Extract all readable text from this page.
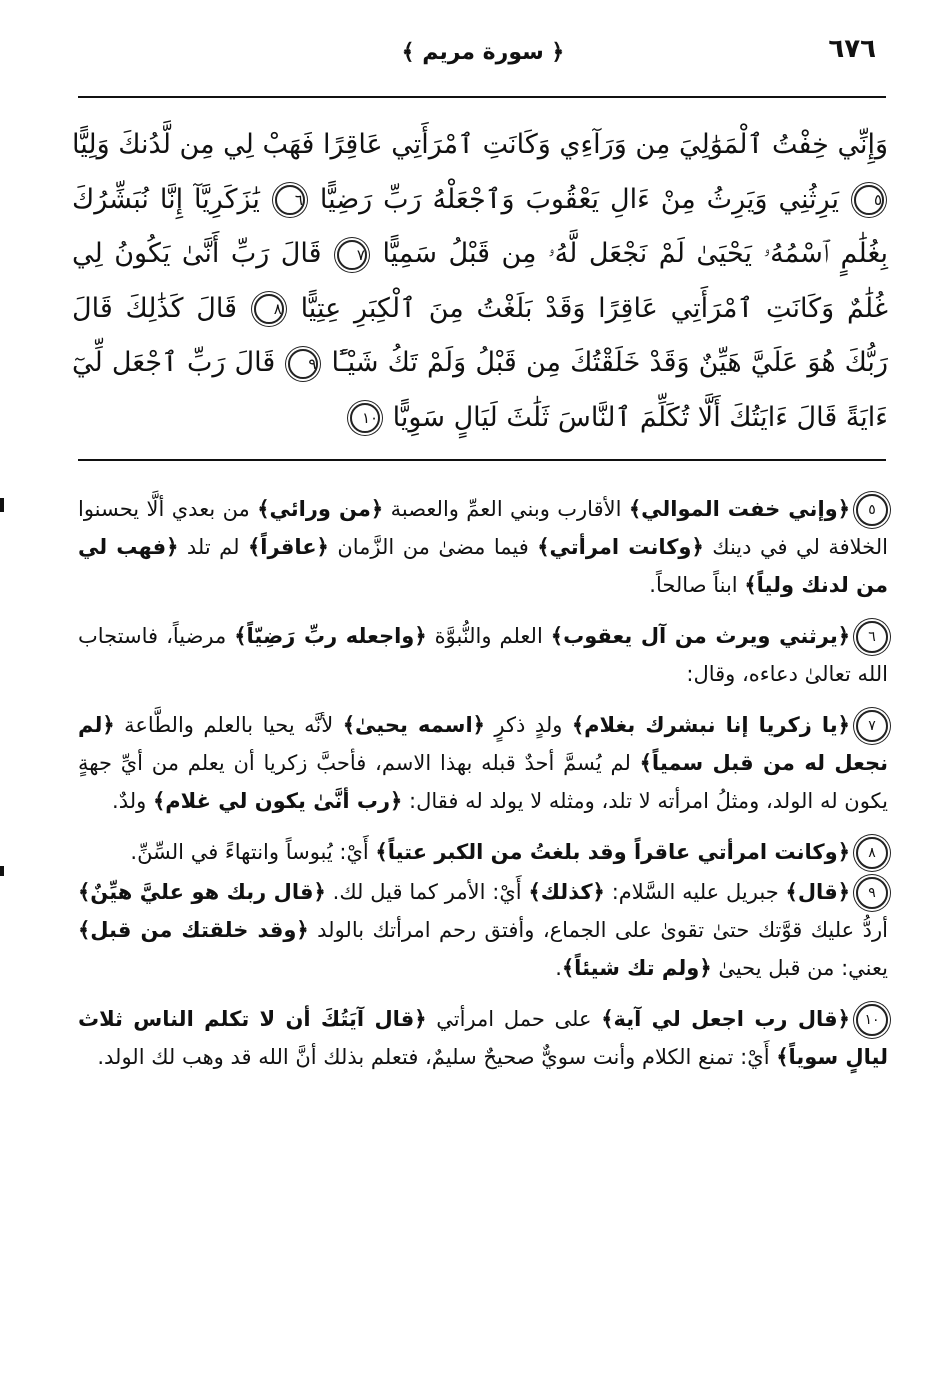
٦٧٦
﴿ سورة مريم ﴾
وَإِنِّي خِفْتُ ٱلْمَوَٰلِيَ مِن وَرَآءِي وَكَانَتِ ٱمْرَأَتِي عَاقِرًا فَهَبْ لِي مِن لَّدُنكَ وَلِيًّا ٥ يَرِثُنِي وَيَرِثُ مِنْ ءَالِ يَعْقُوبَ وَٱجْعَلْهُ رَبِّ رَضِيًّا ٦ يَٰزَكَرِيَّآ إِنَّا نُبَشِّرُكَ بِغُلَٰمٍ ٱسْمُهُۥ يَحْيَىٰ لَمْ نَجْعَل لَّهُۥ مِن قَبْلُ سَمِيًّا ٧ قَالَ رَبِّ أَنَّىٰ يَكُونُ لِي غُلَٰمٌ وَكَانَتِ ٱمْرَأَتِي عَاقِرًا وَقَدْ بَلَغْتُ مِنَ ٱلْكِبَرِ عِتِيًّا ٨ قَالَ كَذَٰلِكَ قَالَ رَبُّكَ هُوَ عَلَيَّ هَيِّنٌ وَقَدْ خَلَقْتُكَ مِن قَبْلُ وَلَمْ تَكُ شَيْـًٔا ٩ قَالَ رَبِّ ٱجْعَل لِّيٓ ءَايَةً قَالَ ءَايَتُكَ أَلَّا تُكَلِّمَ ٱلنَّاسَ ثَلَٰثَ لَيَالٍ سَوِيًّا ١٠

٥﴿وإني خفت الموالي﴾ الأقارب وبني العمِّ والعصبة ﴿من ورائي﴾ من بعدي ألَّا يحسنوا الخلافة لي في دينك ﴿وكانت امرأتي﴾ فيما مضىٰ من الزَّمان ﴿عاقراً﴾ لم تلد ﴿فهب لي من لدنك ولياً﴾ ابناً صالحاً.

٦﴿يرثني ويرث من آل يعقوب﴾ العلم والنُّبوَّة ﴿واجعله ربِّ رَضِيّاً﴾ مرضياً، فاستجاب الله تعالىٰ دعاءه، وقال:

٧﴿يا زكريا إنا نبشرك بغلام﴾ ولدٍ ذكرٍ ﴿اسمه يحيىٰ﴾ لأنَّه يحيا بالعلم والطَّاعة ﴿لم نجعل له من قبل سمياً﴾ لم يُسمَّ أحدٌ قبله بهذا الاسم، فأحبَّ زكريا أن يعلم من أيِّ جهةٍ يكون له الولد، ومثلُ امرأته لا تلد، ومثله لا يولد له فقال: ﴿رب أنَّىٰ يكون لي غلام﴾ ولدٌ.

٨﴿وكانت امرأتي عاقراً وقد بلغتُ من الكبر عتياً﴾ أَيْ: يُبوساً وانتهاءً في السِّنِّ.

٩﴿قال﴾ جبريل عليه السَّلام: ﴿كذلك﴾ أَيْ: الأمر كما قيل لك. ﴿قال ربك هو عليَّ هيِّنٌ﴾ أردُّ عليك قوَّتك حتىٰ تقوىٰ على الجماع، وأفتق رحم امرأتك بالولد ﴿وقد خلقتك من قبل﴾ يعني: من قبل يحيىٰ ﴿ولم تك شيئاً﴾.

١٠﴿قال رب اجعل لي آية﴾ على حمل امرأتي ﴿قال آيَتُكَ أن لا تكلم الناس ثلاث ليالٍ سوياً﴾ أَيْ: تمنع الكلام وأنت سويٌّ صحيحٌ سليمٌ، فتعلم بذلك أنَّ الله قد وهب لك الولد.
